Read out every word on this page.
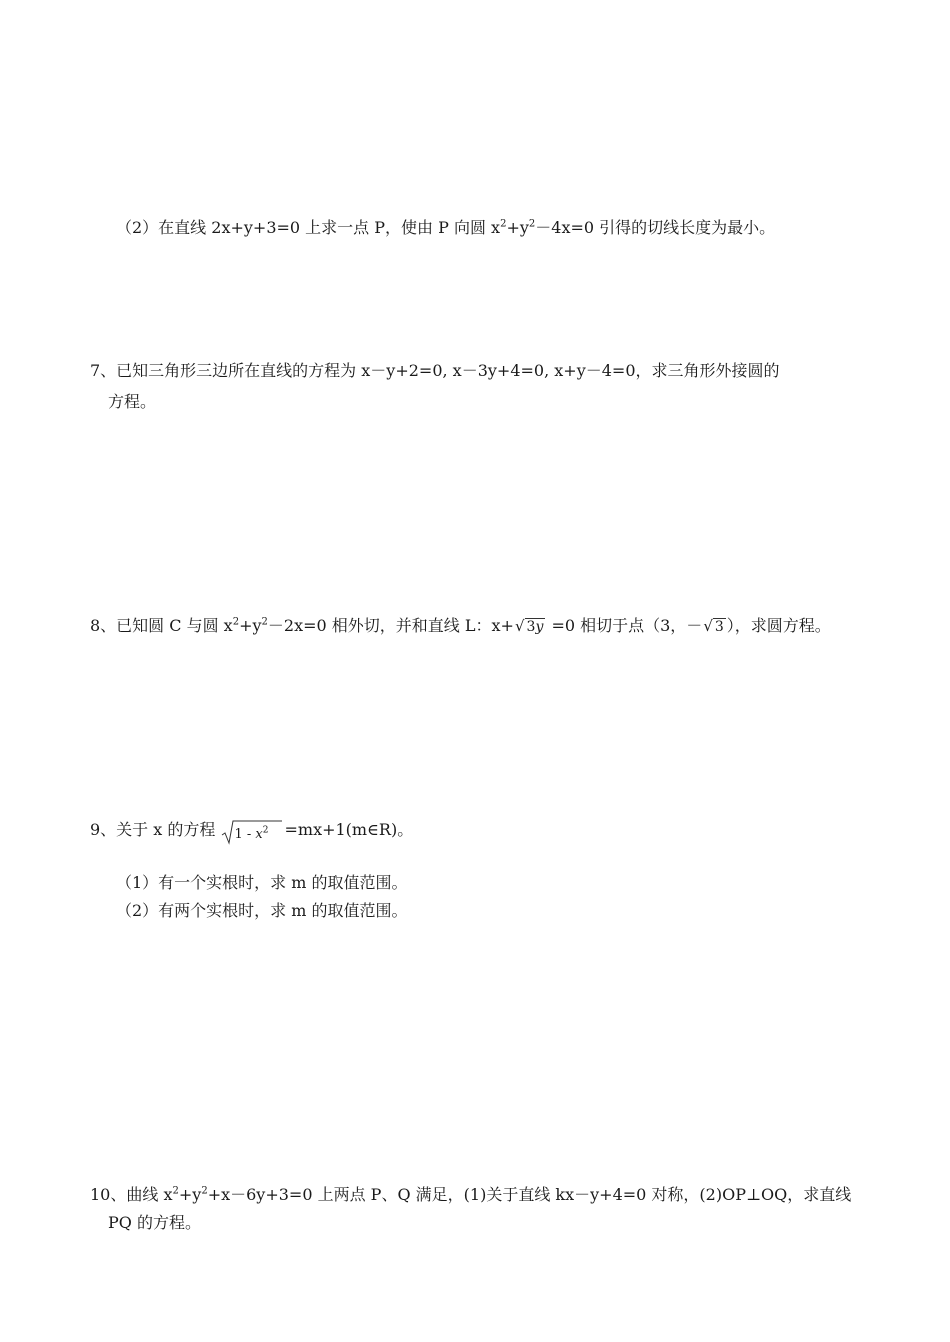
（2）在直线 2x+y+3=0 上求一点 P，使由 P 向圆 $x^2+y^2-4x=0$ 引得的切线长度为最小。
7、已知三角形三边所在直线的方程为 x－y+2=0, x－3y+4=0, x+y－4=0，求三角形外接圆的
方程。
8、已知圆 C 与圆 $x^2+y^2-2x=0$ 相外切，并和直线 L：x+√ 3y =0 相切于点（3，－√ 3 ），求圆方程。
9、关于 x 的方程 $1 - x^2$ =mx+1(m∈R)。
（1）有一个实根时，求 m 的取值范围。
（2）有两个实根时，求 m 的取值范围。
10、曲线 $x^2+y^2+x-6y+3=0$ 上两点 P、Q 满足，(1)关于直线 kx－y+4=0 对称，(2)OP⊥OQ，求直线
PQ 的方程。
